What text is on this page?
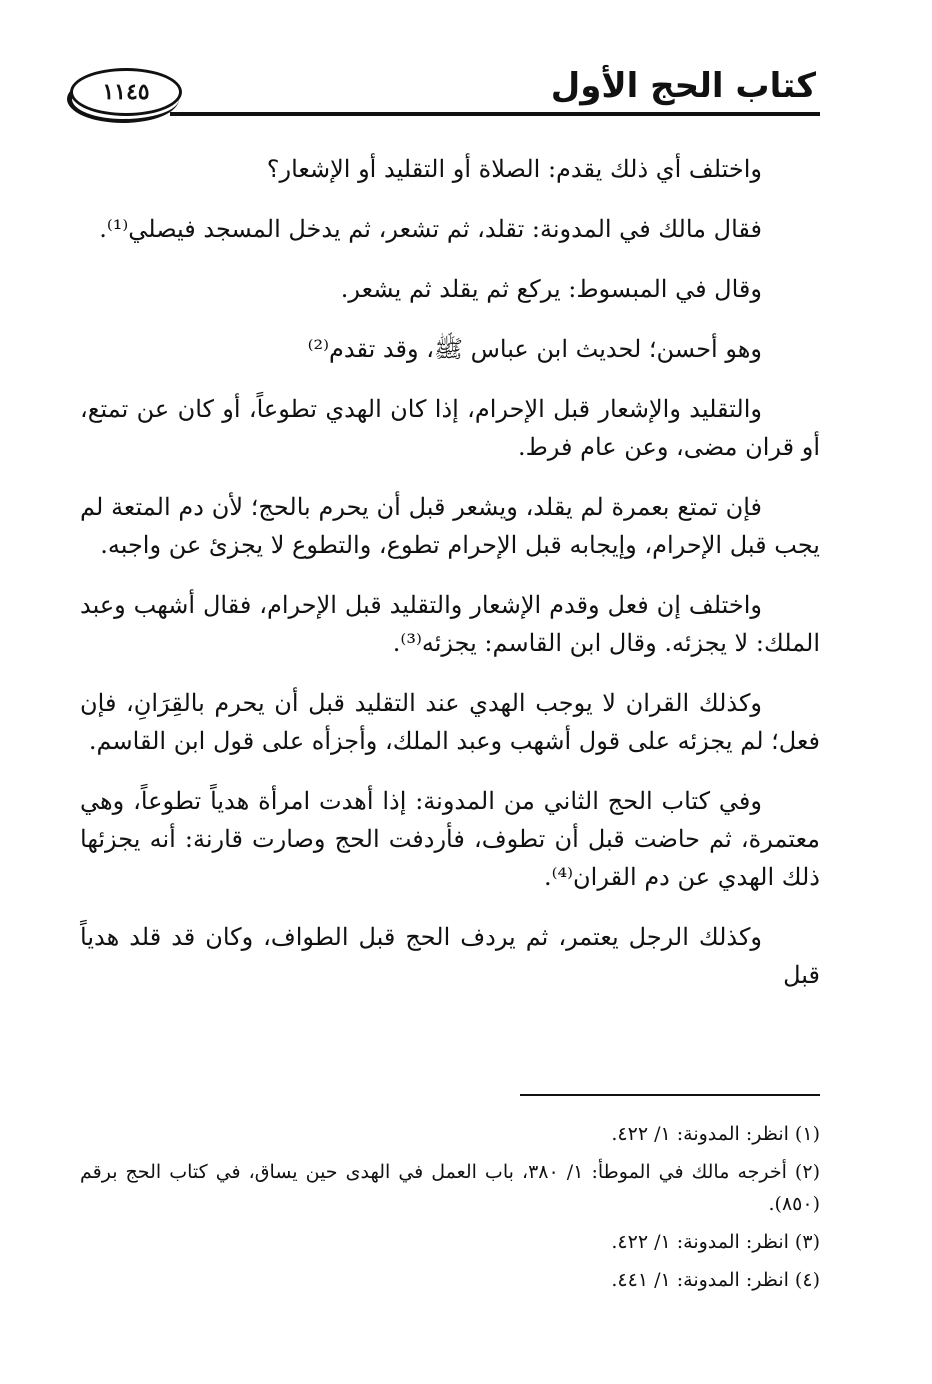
١١٤٥	كتاب الحج الأول

واختلف أي ذلك يقدم: الصلاة أو التقليد أو الإشعار؟

فقال مالك في المدونة: تقلد، ثم تشعر، ثم يدخل المسجد فيصلي⁽¹⁾.

وقال في المبسوط: يركع ثم يقلد ثم يشعر.

وهو أحسن؛ لحديث ابن عباس ﷺ، وقد تقدم⁽²⁾

والتقليد والإشعار قبل الإحرام، إذا كان الهدي تطوعاً، أو كان عن تمتع، أو قران مضى، وعن عام فرط.

فإن تمتع بعمرة لم يقلد، ويشعر قبل أن يحرم بالحج؛ لأن دم المتعة لم يجب قبل الإحرام، وإيجابه قبل الإحرام تطوع، والتطوع لا يجزئ عن واجبه.

واختلف إن فعل وقدم الإشعار والتقليد قبل الإحرام، فقال أشهب وعبد الملك: لا يجزئه. وقال ابن القاسم: يجزئه⁽³⁾.

وكذلك القران لا يوجب الهدي عند التقليد قبل أن يحرم بالقِرَانِ، فإن فعل؛ لم يجزئه على قول أشهب وعبد الملك، وأجزأه على قول ابن القاسم.

وفي كتاب الحج الثاني من المدونة: إذا أهدت امرأة هدياً تطوعاً، وهي معتمرة، ثم حاضت قبل أن تطوف، فأردفت الحج وصارت قارنة: أنه يجزئها ذلك الهدي عن دم القران⁽⁴⁾.

وكذلك الرجل يعتمر، ثم يردف الحج قبل الطواف، وكان قد قلد هدياً قبل

(١) انظر: المدونة: ١/ ٤٢٢.

(٢) أخرجه مالك في الموطأ: ١/ ٣٨٠، باب العمل في الهدى حين يساق، في كتاب الحج برقم (٨٥٠).

(٣) انظر: المدونة: ١/ ٤٢٢.

(٤) انظر: المدونة: ١/ ٤٤١.
